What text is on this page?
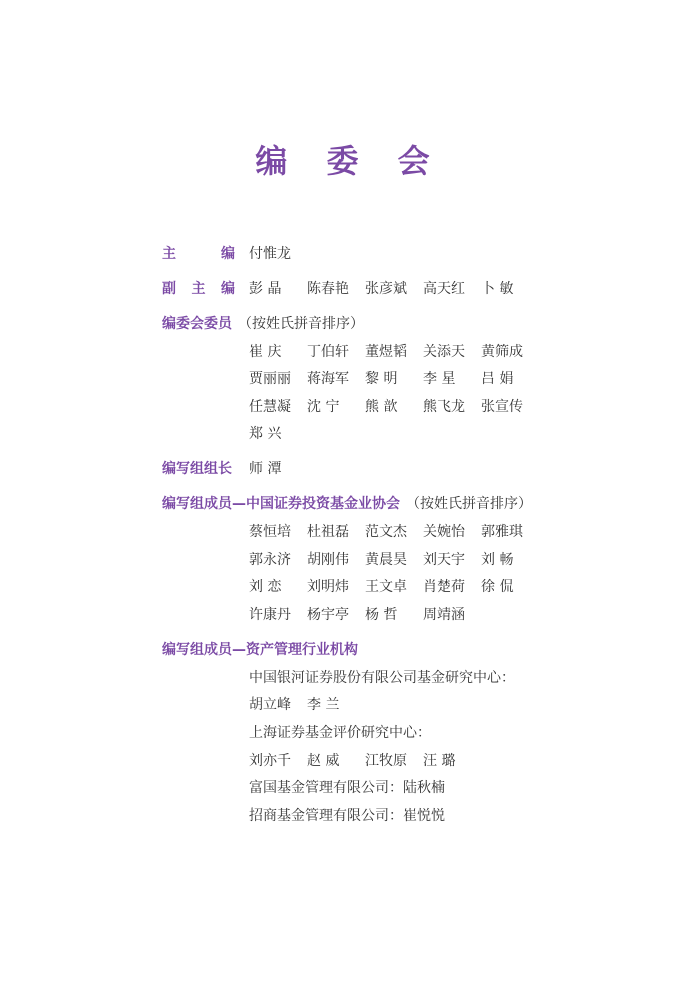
编 委 会
主	编 付惟龙
副 主 编 彭 晶	陈春艳	张彦斌	高天红	卜 敏
编委会委员 （按姓氏拼音排序）
崔 庆	丁伯轩	董煜韬	关添天	黄筛成
贾丽丽	蒋海军	黎 明	李 星	吕 娟
任慧凝	沈 宁	熊 歆	熊飞龙	张宣传
郑 兴
编写组组长 师 潭
编写组成员—中国证券投资基金业协会 （按姓氏拼音排序）
蔡恒培	杜祖磊	范文杰	关婉怡	郭雅琪
郭永济	胡刚伟	黄晨昊	刘天宇	刘 畅
刘 恋	刘明炜	王文卓	肖楚荷	徐 侃
许康丹	杨宇亭	杨 哲	周靖涵
编写组成员—资产管理行业机构
中国银河证券股份有限公司基金研究中心：
胡立峰	李 兰
上海证券基金评价研究中心：
刘亦千	赵 威	江牧原	汪 璐
富国基金管理有限公司：陆秋楠
招商基金管理有限公司：崔悦悦
